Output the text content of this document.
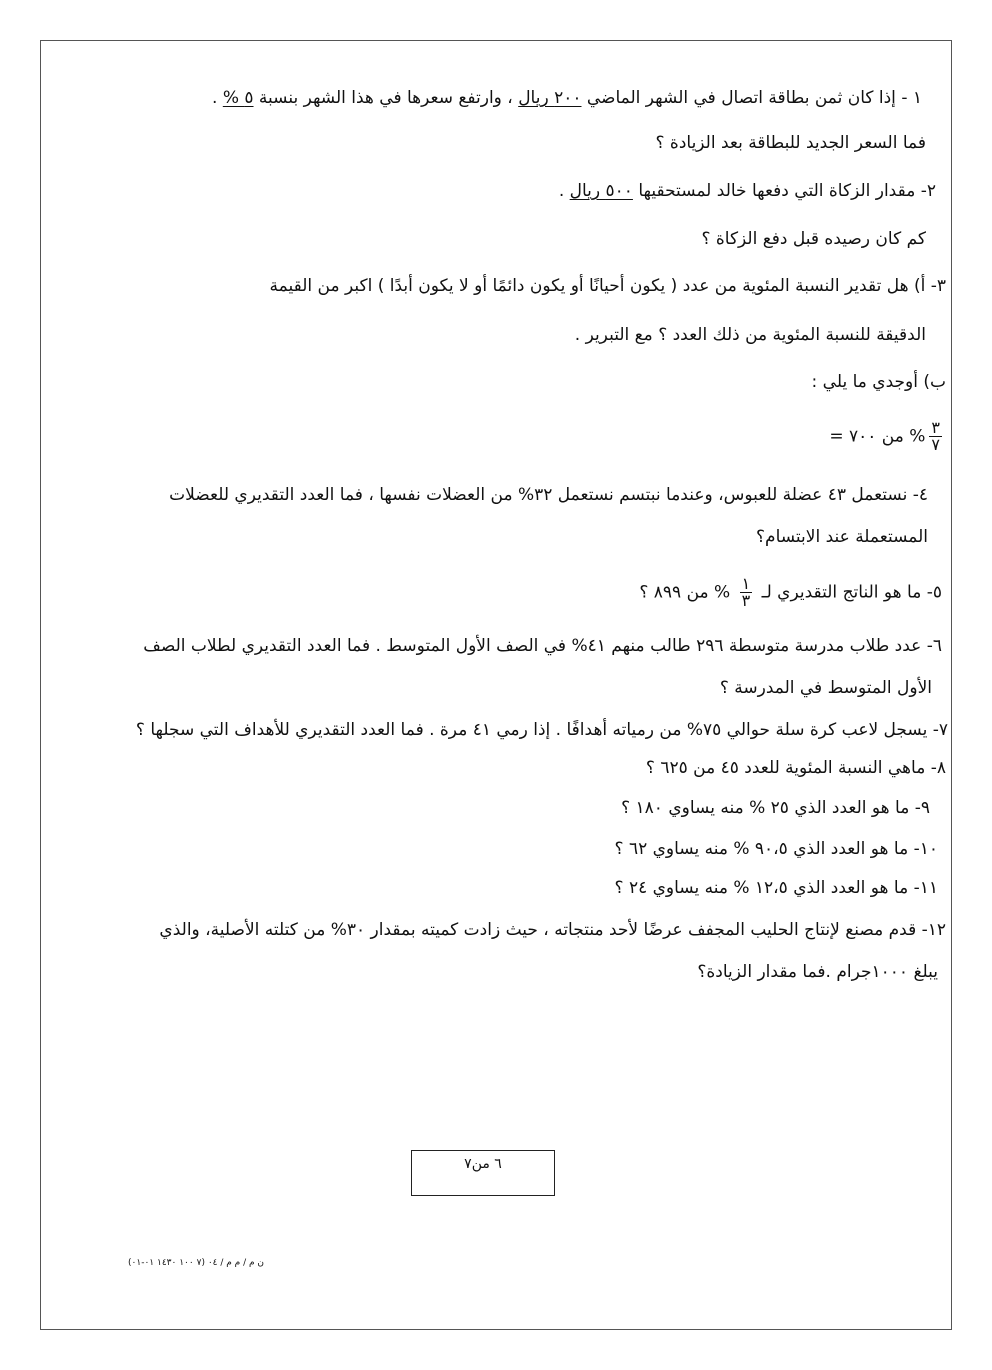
١ - إذا كان ثمن بطاقة اتصال في الشهر الماضي ٢٠٠ ريال ، وارتفع سعرها في هذا الشهر بنسبة ٥ % .
فما السعر الجديد للبطاقة بعد الزيادة ؟
٢- مقدار الزكاة التي دفعها خالد لمستحقيها ٥٠٠ ريال .
كم كان رصيده قبل دفع الزكاة ؟
٣- أ) هل تقدير النسبة المئوية من عدد ( يكون أحيانًا أو يكون دائمًا أو لا يكون أبدًا ) اكبر من القيمة
الدقيقة للنسبة المئوية من ذلك العدد ؟ مع التبرير .
ب) أوجدي ما يلي :
$\frac{٣}{٧}$
% من ٧٠٠ =
٤- نستعمل ٤٣ عضلة للعبوس، وعندما نبتسم نستعمل ٣٢% من العضلات نفسها ، فما العدد التقديري للعضلات
المستعملة عند الابتسام؟
٥- ما هو الناتج التقديري لـ
$\frac{١}{٣}$
% من ٨٩٩ ؟
٦- عدد طلاب مدرسة متوسطة ٢٩٦ طالب منهم ٤١% في الصف الأول المتوسط . فما العدد التقديري لطلاب الصف
الأول المتوسط في المدرسة ؟
٧- يسجل لاعب كرة سلة حوالي ٧٥% من رمياته أهدافًا . إذا رمي ٤١ مرة . فما العدد التقديري للأهداف التي سجلها ؟
٨- ماهي النسبة المئوية للعدد ٤٥ من ٦٢٥ ؟
٩- ما هو العدد الذي ٢٥ % منه يساوي ١٨٠ ؟
١٠- ما هو العدد الذي ٩٠،٥ % منه يساوي ٦٢ ؟
١١- ما هو العدد الذي ١٢،٥ % منه يساوي ٢٤ ؟
١٢- قدم مصنع لإنتاج الحليب المجفف عرضًا لأحد منتجاته ، حيث زادت كميته بمقدار ٣٠% من كتلته الأصلية، والذي
يبلغ ١٠٠٠جرام .فما مقدار الزيادة؟
٦ من٧
ن م / م م / ٠٤ (٧ ١٠٠ ١٤٣٠ ٠١-٠١)
